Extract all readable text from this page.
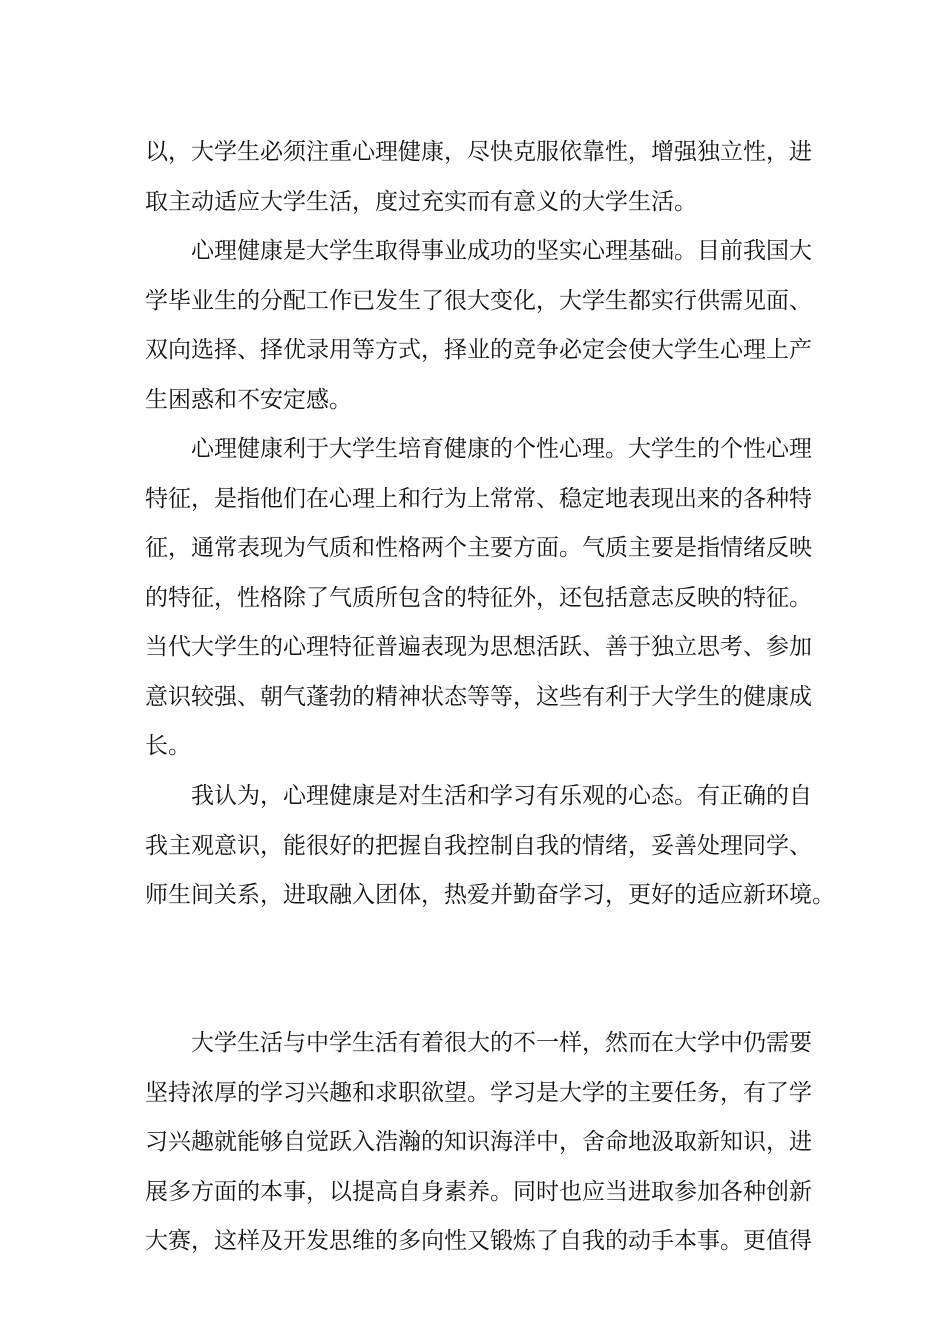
以，大学生必须注重心理健康，尽快克服依靠性，增强独立性，进
取主动适应大学生活，度过充实而有意义的大学生活。
心理健康是大学生取得事业成功的坚实心理基础。目前我国大
学毕业生的分配工作已发生了很大变化，大学生都实行供需见面、
双向选择、择优录用等方式，择业的竞争必定会使大学生心理上产
生困惑和不安定感。
心理健康利于大学生培育健康的个性心理。大学生的个性心理
特征，是指他们在心理上和行为上常常、稳定地表现出来的各种特
征，通常表现为气质和性格两个主要方面。气质主要是指情绪反映
的特征，性格除了气质所包含的特征外，还包括意志反映的特征。
当代大学生的心理特征普遍表现为思想活跃、善于独立思考、参加
意识较强、朝气蓬勃的精神状态等等，这些有利于大学生的健康成
长。
我认为，心理健康是对生活和学习有乐观的心态。有正确的自
我主观意识，能很好的把握自我控制自我的情绪，妥善处理同学、
师生间关系，进取融入团体，热爱并勤奋学习，更好的适应新环境。
大学生活与中学生活有着很大的不一样，然而在大学中仍需要
坚持浓厚的学习兴趣和求职欲望。学习是大学的主要任务，有了学
习兴趣就能够自觉跃入浩瀚的知识海洋中，舍命地汲取新知识，进
展多方面的本事，以提高自身素养。同时也应当进取参加各种创新
大赛，这样及开发思维的多向性又锻炼了自我的动手本事。更值得
